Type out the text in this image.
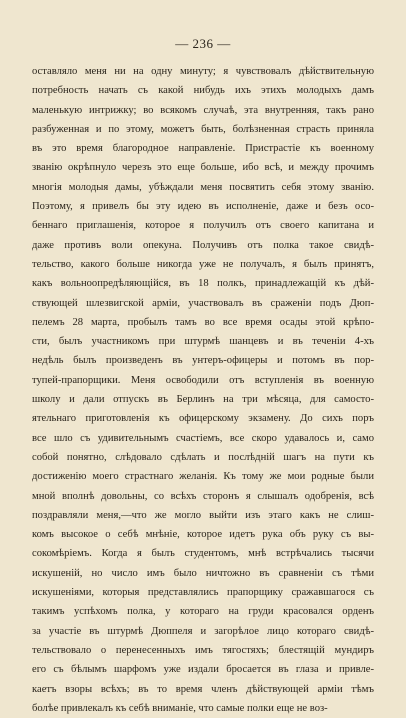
— 236 —
оставляло меня ни на одну минуту; я чувствовалъ дѣйствительную
потребность начать съ какой нибудь ихъ этихъ молодыхъ дамъ
маленькую интрижку; во всякомъ случаѣ, эта внутренняя, такъ рано
разбуженная и по этому, можетъ быть, болѣзненная страсть приняла
въ это время благородное направленіе. Пристрастіе къ военному
званію окрѣпнуло черезъ это еще больше, ибо всѣ, и между прочимъ
многія молодыя дамы, убѣждали меня посвятить себя этому званію.
Поэтому, я привелъ бы эту идею въ исполненіе, даже и безъ осо-
беннаго приглашенія, которое я получилъ отъ своего капитана и
даже противъ воли опекуна. Получивъ отъ полка такое свидѣ-
тельство, какого больше никогда уже не получалъ, я былъ принятъ,
какъ вольноопредѣляющійся, въ 18 полкъ, принадлежащій къ дѣй-
ствующей шлезвигской арміи, участвовалъ въ сраженіи подъ Дюп-
пелемъ 28 марта, пробылъ тамъ во все время осады этой крѣпо-
сти, былъ участникомъ при штурмѣ шанцевъ и въ теченіи 4-хъ
недѣль былъ произведенъ въ унтеръ-офицеры и потомъ въ пор-
тупей-прапорщики. Меня освободили отъ вступленія въ военную
школу и дали отпускъ въ Берлинъ на три мѣсяца, для самосто-
ятельнаго приготовленія къ офицерскому экзамену. До сихъ поръ
все шло съ удивительнымъ счастіемъ, все скоро удавалось и, само
собой понятно, слѣдовало сдѣлать и послѣдній шагъ на пути къ
достиженію моего страстнаго желанія. Къ тому же мои родные были
мной вполнѣ довольны, со всѣхъ сторонъ я слышалъ одобренія, всѣ
поздравляли меня,—что же могло выйти изъ этаго какъ не слиш-
комъ высокое о себѣ мнѣніе, которое идетъ рука объ руку съ вы-
сокомѣріемъ. Когда я былъ студентомъ, мнѣ встрѣчались тысячи
искушеній, но число имъ было ничтожно въ сравненіи съ тѣми
искушеніями, которыя представлялись прапорщику сражавшагося съ
такимъ успѣхомъ полка, у котораго на груди красовался орденъ
за участіе въ штурмѣ Дюппеля и загорѣлое лицо котораго свидѣ-
тельствовало о перенесенныхъ имъ тягостяхъ; блестящій мундиръ
его съ бѣлымъ шарфомъ уже издали бросается въ глаза и привле-
каетъ взоры всѣхъ; въ то время членъ дѣйствующей арміи тѣмъ
болѣе привлекалъ къ себѣ вниманіе, что самые полки еще не воз-
